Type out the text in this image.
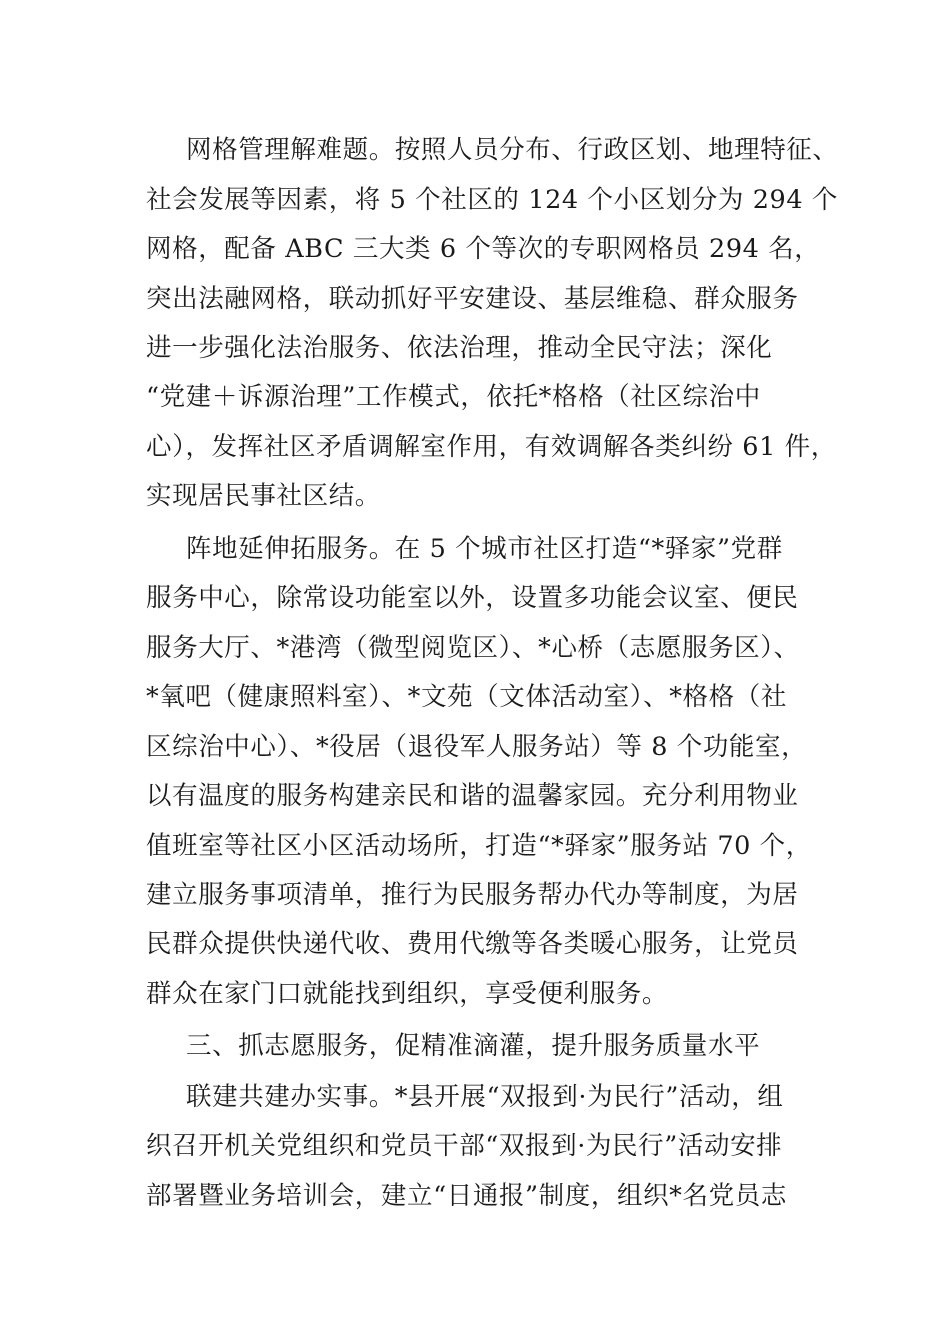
网格管理解难题。按照人员分布、行政区划、地理特征、
社会发展等因素，将 5 个社区的 124 个小区划分为 294 个
网格，配备 ABC 三大类 6 个等次的专职网格员 294 名，
突出法融网格，联动抓好平安建设、基层维稳、群众服务
进一步强化法治服务、依法治理，推动全民守法；深化
“党建＋诉源治理”工作模式，依托*格格（社区综治中
心），发挥社区矛盾调解室作用，有效调解各类纠纷 61 件，
实现居民事社区结。
阵地延伸拓服务。在 5 个城市社区打造“*驿家”党群
服务中心，除常设功能室以外，设置多功能会议室、便民
服务大厅、*港湾（微型阅览区）、*心桥（志愿服务区）、
*氧吧（健康照料室）、*文苑（文体活动室）、*格格（社
区综治中心）、*役居（退役军人服务站）等 8 个功能室，
以有温度的服务构建亲民和谐的温馨家园。充分利用物业
值班室等社区小区活动场所，打造“*驿家”服务站 70 个，
建立服务事项清单，推行为民服务帮办代办等制度，为居
民群众提供快递代收、费用代缴等各类暖心服务，让党员
群众在家门口就能找到组织，享受便利服务。
三、抓志愿服务，促精准滴灌，提升服务质量水平
联建共建办实事。*县开展“双报到·为民行”活动，组
织召开机关党组织和党员干部“双报到·为民行”活动安排
部署暨业务培训会，建立“日通报”制度，组织*名党员志
